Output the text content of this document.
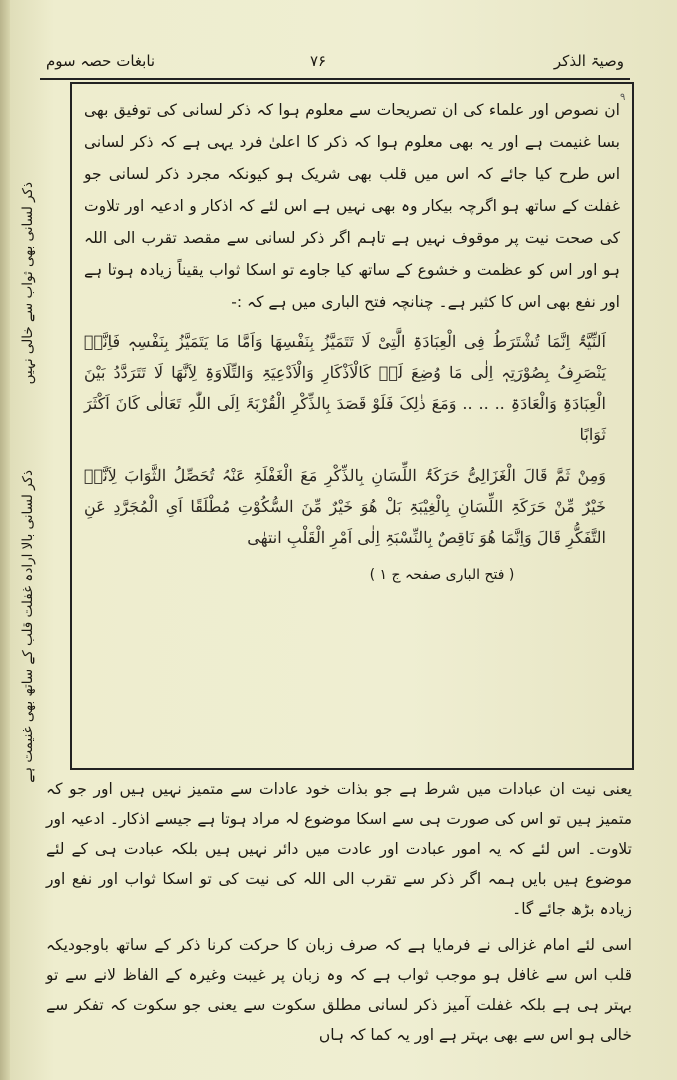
وصیۃ الذکر
۷۶
نابغات حصہ سوم
۹

ان نصوص اور علماء کی ان تصریحات سے معلوم ہوا کہ ذکر لسانی کی توفیق بھی بسا غنیمت ہے اور یہ بھی معلوم ہوا کہ ذکر کا اعلیٰ فرد یہی ہے کہ ذکر لسانی اس طرح کیا جائے کہ اس میں قلب بھی شریک ہو کیونکہ مجرد ذکر لسانی جو غفلت کے ساتھ ہو اگرچہ بیکار وہ بھی نہیں ہے اس لئے کہ اذکار و ادعیہ اور تلاوت کی صحت نیت پر موقوف نہیں ہے تاہم اگر ذکر لسانی سے مقصد تقرب الی اللہ ہو اور اس کو عظمت و خشوع کے ساتھ کیا جاوے تو اسکا ثواب یقیناً زیادہ ہوتا ہے اور نفع بھی اس کا کثیر ہے۔ چنانچہ فتح الباری میں ہے کہ :-

اَلنِّیَّۃُ اِنَّمَا تُشْتَرَطُ فِی الْعِبَادَۃِ الَّتِیْ لَا تَتَمَیَّزُ بِنَفْسِھَا وَاَمَّا مَا یَتَمَیَّزُ بِنَفْسِہٖ فَاِنَّہٗ یَنْصَرِفُ بِصُوْرَتِہٖ اِلٰی مَا وُضِعَ لَہٗ کَالْاَذْکَارِ وَالْاَدْعِیَۃِ وَالتِّلَاوَۃِ لِاَنَّھَا لَا تَتَرَدَّدُ بَیْنَ الْعِبَادَۃِ وَالْعَادَۃِ .. .. .. وَمَعَ ذٰلِکَ فَلَوْ قَصَدَ بِالذِّکْرِ الْقُرْبَۃَ اِلَی اللّٰہِ تَعَالٰی کَانَ اَکْثَرَ ثَوَابًا

وَمِنْ ثَمَّ قَالَ الْغَزَالِیُّ حَرَکَۃُ اللِّسَانِ بِالذِّکْرِ مَعَ الْغَفْلَۃِ عَنْہُ تُحَصِّلُ الثَّوَابَ لِاَنَّہٗ خَیْرٌ مِّنْ حَرَکَۃِ اللِّسَانِ بِالْغِیْبَۃِ بَلْ ھُوَ خَیْرٌ مِّنَ السُّکُوْتِ مُطْلَقًا اَیِ الْمُجَرَّدِ عَنِ التَّفَکُّرِ قَالَ وَاِنَّمَا ھُوَ نَاقِصٌ بِالنِّسْبَۃِ اِلٰی اَمْرِ الْقَلْبِ انتھٰی

( فتح الباری صفحہ ج ۱ )

یعنی نیت ان عبادات میں شرط ہے جو بذات خود عادات سے متمیز نہیں ہیں اور جو کہ متمیز ہیں تو اس کی صورت ہی سے اسکا موضوع لہ مراد ہوتا ہے جیسے اذکار۔ ادعیہ اور تلاوت۔ اس لئے کہ یہ امور عبادت اور عادت میں دائر نہیں ہیں بلکہ عبادت ہی کے لئے موضوع ہیں بایں ہمہ اگر ذکر سے تقرب الی اللہ کی نیت کی تو اسکا ثواب اور نفع اور زیادہ بڑھ جائے گا۔

اسی لئے امام غزالی نے فرمایا ہے کہ صرف زبان کا حرکت کرنا ذکر کے ساتھ باوجودیکہ قلب اس سے غافل ہو موجب ثواب ہے کہ وہ زبان پر غیبت وغیرہ کے الفاظ لانے سے تو بہتر ہی ہے بلکہ غفلت آمیز ذکر لسانی مطلق سکوت سے یعنی جو سکوت کہ تفکر سے خالی ہو اس سے بھی بہتر ہے اور یہ کما کہ ہاں

ذکر لسانی بھی ثواب سے خالی نہیں
ذکر لسانی بالا ارادہ غفلت قلب کے ساتھ بھی غنیمت ہے
